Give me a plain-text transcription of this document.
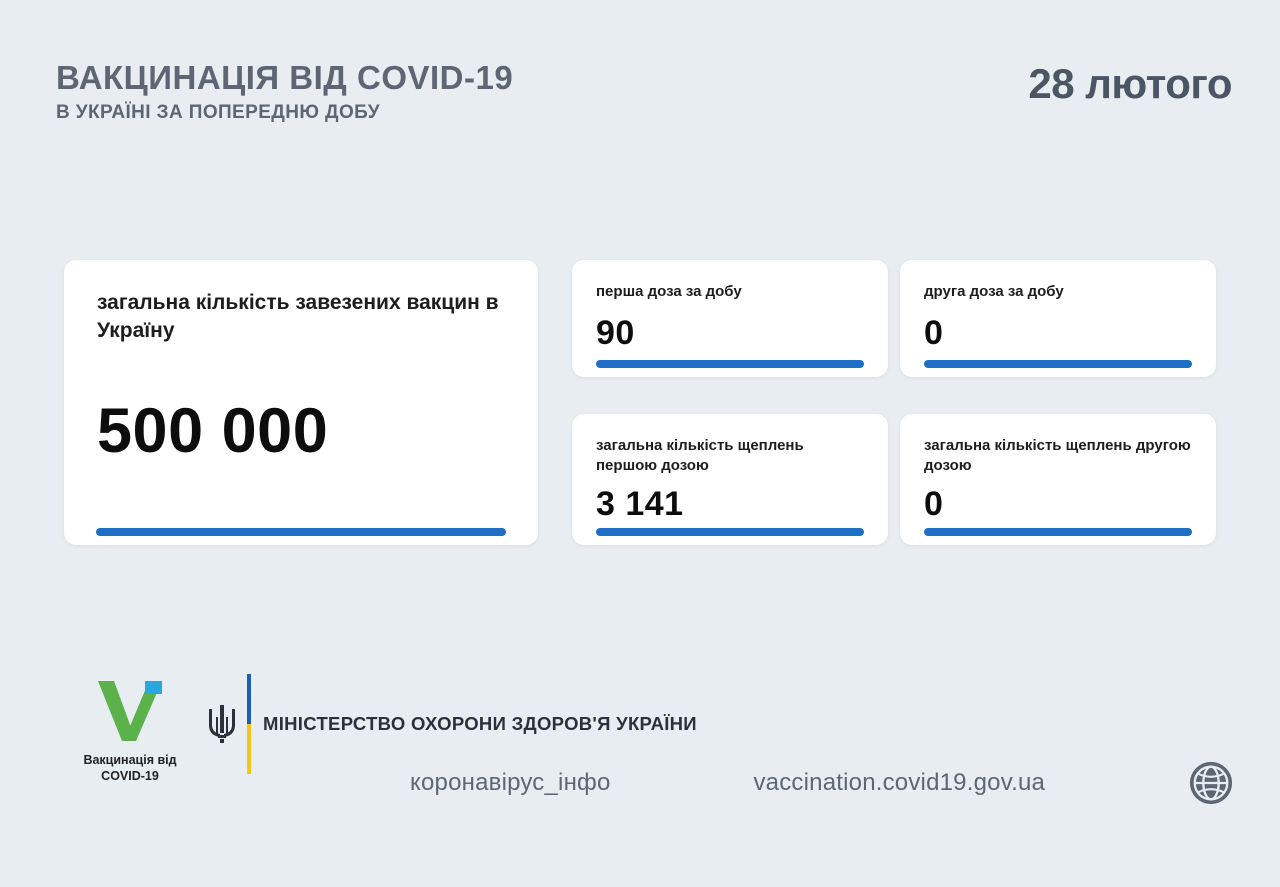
ВАКЦИНАЦІЯ ВІД COVID-19
В УКРАЇНІ ЗА ПОПЕРЕДНЮ ДОБУ
28 лютого
загальна кількість завезених вакцин в Україну
500 000
перша доза за добу
90
друга доза за добу
0
загальна кількість щеплень першою дозою
3 141
загальна кількість щеплень другою дозою
0
Вакцинація від COVID-19
МІНІСТЕРСТВО ОХОРОНИ ЗДОРОВ'Я УКРАЇНИ
коронавірус_інфо	vaccination.covid19.gov.ua
